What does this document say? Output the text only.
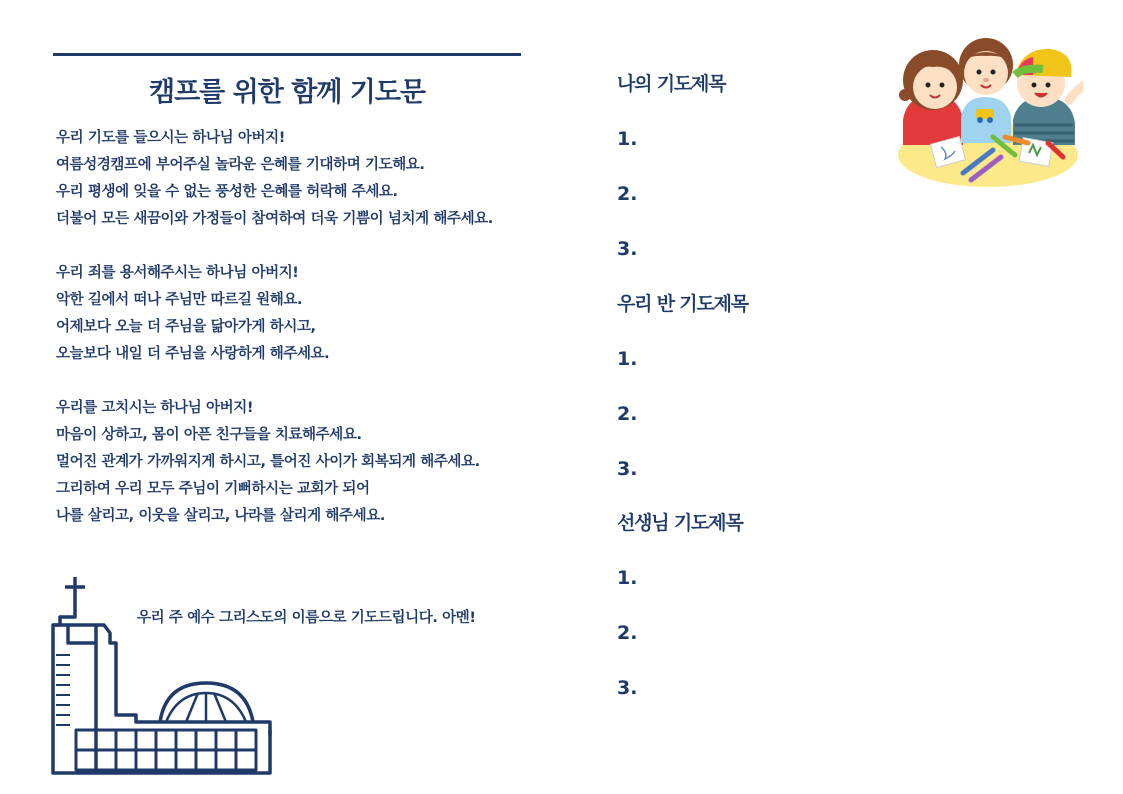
캠프를 위한 함께 기도문
우리 기도를 들으시는 하나님 아버지!
여름성경캠프에 부어주실 놀라운 은혜를 기대하며 기도해요.
우리 평생에 잊을 수 없는 풍성한 은혜를 허락해 주세요.
더불어 모든 새끔이와 가정들이 참여하여 더욱 기쁨이 넘치게 해주세요.
우리 죄를 용서해주시는 하나님 아버지!
악한 길에서 떠나 주님만 따르길 원해요.
어제보다 오늘 더 주님을 닮아가게 하시고,
오늘보다 내일 더 주님을 사랑하게 해주세요.
우리를 고치시는 하나님 아버지!
마음이 상하고, 몸이 아픈 친구들을 치료해주세요.
멀어진 관계가 가까워지게 하시고, 틀어진 사이가 회복되게 해주세요.
그리하여 우리 모두 주님이 기뻐하시는 교회가 되어
나를 살리고, 이웃을 살리고, 나라를 살리게 해주세요.
우리 주 예수 그리스도의 이름으로 기도드립니다. 아멘!
나의 기도제목
1.
2.
3.
우리 반 기도제목
1.
2.
3.
선생님 기도제목
1.
2.
3.
